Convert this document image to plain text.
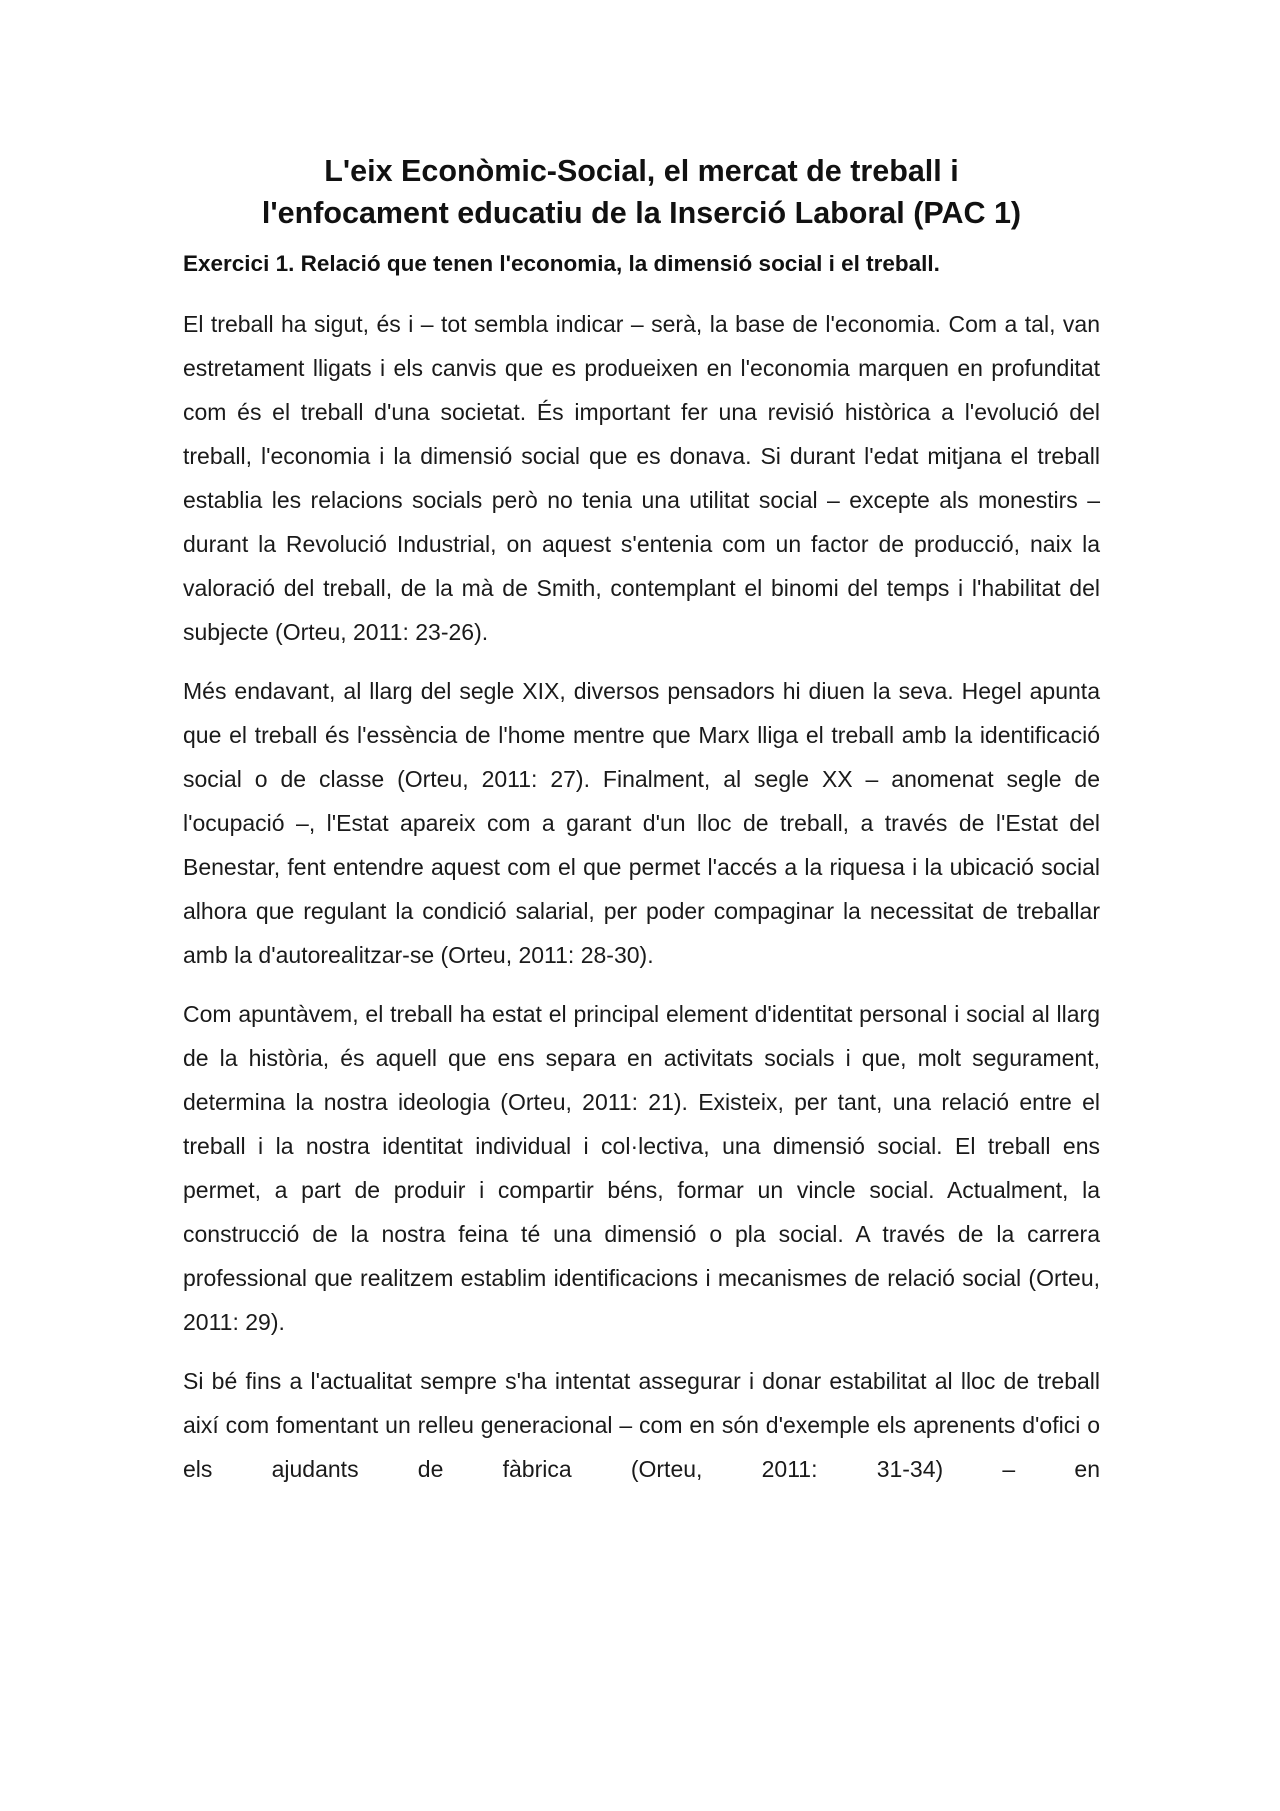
L'eix Econòmic-Social, el mercat de treball i
l'enfocament educatiu de la Inserció Laboral (PAC 1)
Exercici 1. Relació que tenen l'economia, la dimensió social i el treball.

El treball ha sigut, és i – tot sembla indicar – serà, la base de l'economia. Com a tal, van estretament lligats i els canvis que es produeixen en l'economia marquen en profunditat com és el treball d'una societat. És important fer una revisió històrica a l'evolució del treball, l'economia i la dimensió social que es donava. Si durant l'edat mitjana el treball establia les relacions socials però no tenia una utilitat social – excepte als monestirs – durant la Revolució Industrial, on aquest s'entenia com un factor de producció, naix la valoració del treball, de la mà de Smith, contemplant el binomi del temps i l'habilitat del subjecte (Orteu, 2011: 23-26).

Més endavant, al llarg del segle XIX, diversos pensadors hi diuen la seva. Hegel apunta que el treball és l'essència de l'home mentre que Marx lliga el treball amb la identificació social o de classe (Orteu, 2011: 27). Finalment, al segle XX – anomenat segle de l'ocupació –, l'Estat apareix com a garant d'un lloc de treball, a través de l'Estat del Benestar, fent entendre aquest com el que permet l'accés a la riquesa i la ubicació social alhora que regulant la condició salarial, per poder compaginar la necessitat de treballar amb la d'autorealitzar-se (Orteu, 2011: 28-30).

Com apuntàvem, el treball ha estat el principal element d'identitat personal i social al llarg de la història, és aquell que ens separa en activitats socials i que, molt segurament, determina la nostra ideologia (Orteu, 2011: 21). Existeix, per tant, una relació entre el treball i la nostra identitat individual i col·lectiva, una dimensió social. El treball ens permet, a part de produir i compartir béns, formar un vincle social. Actualment, la construcció de la nostra feina té una dimensió o pla social. A través de la carrera professional que realitzem establim identificacions i mecanismes de relació social (Orteu, 2011: 29).

Si bé fins a l'actualitat sempre s'ha intentat assegurar i donar estabilitat al lloc de treball així com fomentant un relleu generacional – com en són d'exemple els aprenents d'ofici o els ajudants de fàbrica (Orteu, 2011: 31-34) – en
